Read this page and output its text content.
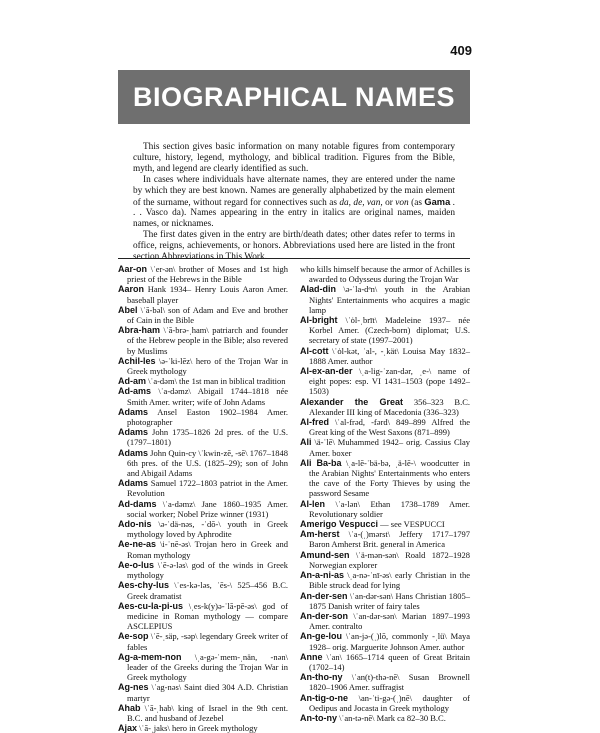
409
BIOGRAPHICAL NAMES

This section gives basic information on many notable figures from contemporary culture, history, legend, mythology, and biblical tradition. Figures from the Bible, myth, and legend are clearly identified as such.

In cases where individuals have alternate names, they are entered under the name by which they are best known. Names are generally alphabetized by the main element of the surname, without regard for connectives such as da, de, van, or von (as Gama . . . Vasco da). Names appearing in the entry in italics are original names, maiden names, or nicknames.

The first dates given in the entry are birth/death dates; other dates refer to terms in office, reigns, achievements, or honors. Abbreviations used here are listed in the front section Abbreviations in This Work.

Aar-on \ˈer-ən\ brother of Moses and 1st high priest of the Hebrews in the Bible

Aaron Hank 1934– Henry Louis Aaron Amer. baseball player

Abel \ˈā-bəl\ son of Adam and Eve and brother of Cain in the Bible

Abra-ham \ˈā-brə-ˌham\ patriarch and founder of the Hebrew people in the Bible; also revered by Muslims

Achil-les \ə-ˈki-lēz\ hero of the Trojan War in Greek mythology

Ad-am \ˈa-dəm\ the 1st man in biblical tradition

Ad-ams \ˈa-dəmz\ Abigail 1744–1818 née Smith Amer. writer; wife of John Adams

Adams Ansel Easton 1902–1984 Amer. photographer

Adams John 1735–1826 2d pres. of the U.S. (1797–1801)

Adams John Quin-cy \ˈkwin-zē, -sē\ 1767–1848 6th pres. of the U.S. (1825–29); son of John and Abigail Adams

Adams Samuel 1722–1803 patriot in the Amer. Revolution

Ad-dams \ˈa-dəmz\ Jane 1860–1935 Amer. social worker; Nobel Prize winner (1931)

Ado-nis \ə-ˈdä-nəs, -ˈdō-\ youth in Greek mythology loved by Aphrodite

Ae-ne-as \i-ˈnē-əs\ Trojan hero in Greek and Roman mythology

Ae-o-lus \ˈē-ə-ləs\ god of the winds in Greek mythology

Aes-chy-lus \ˈes-kə-ləs, ˈēs-\ 525–456 B.C. Greek dramatist

Aes-cu-la-pi-us \ˌes-k(y)ə-ˈlā-pē-əs\ god of medicine in Roman mythology — compare ASCLEPIUS

Ae-sop \ˈē-ˌsäp, -səp\ legendary Greek writer of fables

Ag-a-mem-non \ˌa-gə-ˈmem-ˌnän, -nən\ leader of the Greeks during the Trojan War in Greek mythology

Ag-nes \ˈag-nəs\ Saint died 304 A.D. Christian martyr

Ahab \ˈā-ˌhab\ king of Israel in the 9th cent. B.C. and husband of Jezebel

Ajax \ˈā-ˌjaks\ hero in Greek mythology

who kills himself because the armor of Achilles is awarded to Odysseus during the Trojan War

Alad-din \ə-ˈla-dᵊn\ youth in the Arabian Nights' Entertainments who acquires a magic lamp

Al-bright \ˈȯl-ˌbrīt\ Madeleine 1937– née Korbel Amer. (Czech-born) diplomat; U.S. secretary of state (1997–2001)

Al-cott \ˈȯl-kət, ˈal-, -ˌkät\ Louisa May 1832–1888 Amer. author

Al-ex-an-der \ˌa-lig-ˈzan-dər, ˌe-\ name of eight popes: esp. VI 1431–1503 (pope 1492–1503)

Alexander the Great 356–323 B.C. Alexander III king of Macedonia (336–323)

Al-fred \ˈal-frəd, -fərd\ 849–899 Alfred the Great king of the West Saxons (871–899)

Ali \ä-ˈlē\ Muhammed 1942– orig. Cassius Clay Amer. boxer

Ali Ba-ba \ˌa-lē-ˈbä-bə, ˌä-lē-\ woodcutter in the Arabian Nights' Entertainments who enters the cave of the Forty Thieves by using the password Sesame

Al-len \ˈa-lən\ Ethan 1738–1789 Amer. Revolutionary soldier

Amerigo Vespucci — see VESPUCCI

Am-herst \ˈa-(ˌ)mərst\ Jeffery 1717–1797 Baron Amherst Brit. general in America

Amund-sen \ˈä-mən-sən\ Roald 1872–1928 Norwegian explorer

An-a-ni-as \ˌa-nə-ˈnī-əs\ early Christian in the Bible struck dead for lying

An-der-sen \ˈan-dər-sən\ Hans Christian 1805–1875 Danish writer of fairy tales

An-der-son \ˈan-dər-sən\ Marian 1897–1993 Amer. contralto

An-ge-lou \ˈan-jə-(ˌ)lō, commonly -ˌlü\ Maya 1928– orig. Marguerite Johnson Amer. author

Anne \ˈan\ 1665–1714 queen of Great Britain (1702–14)

An-tho-ny \ˈan(t)-thə-nē\ Susan Brownell 1820–1906 Amer. suffragist

An-tig-o-ne \an-ˈti-gə-(ˌ)nē\ daughter of Oedipus and Jocasta in Greek mythology

An-to-ny \ˈan-tə-nē\ Mark ca 82–30 B.C.
